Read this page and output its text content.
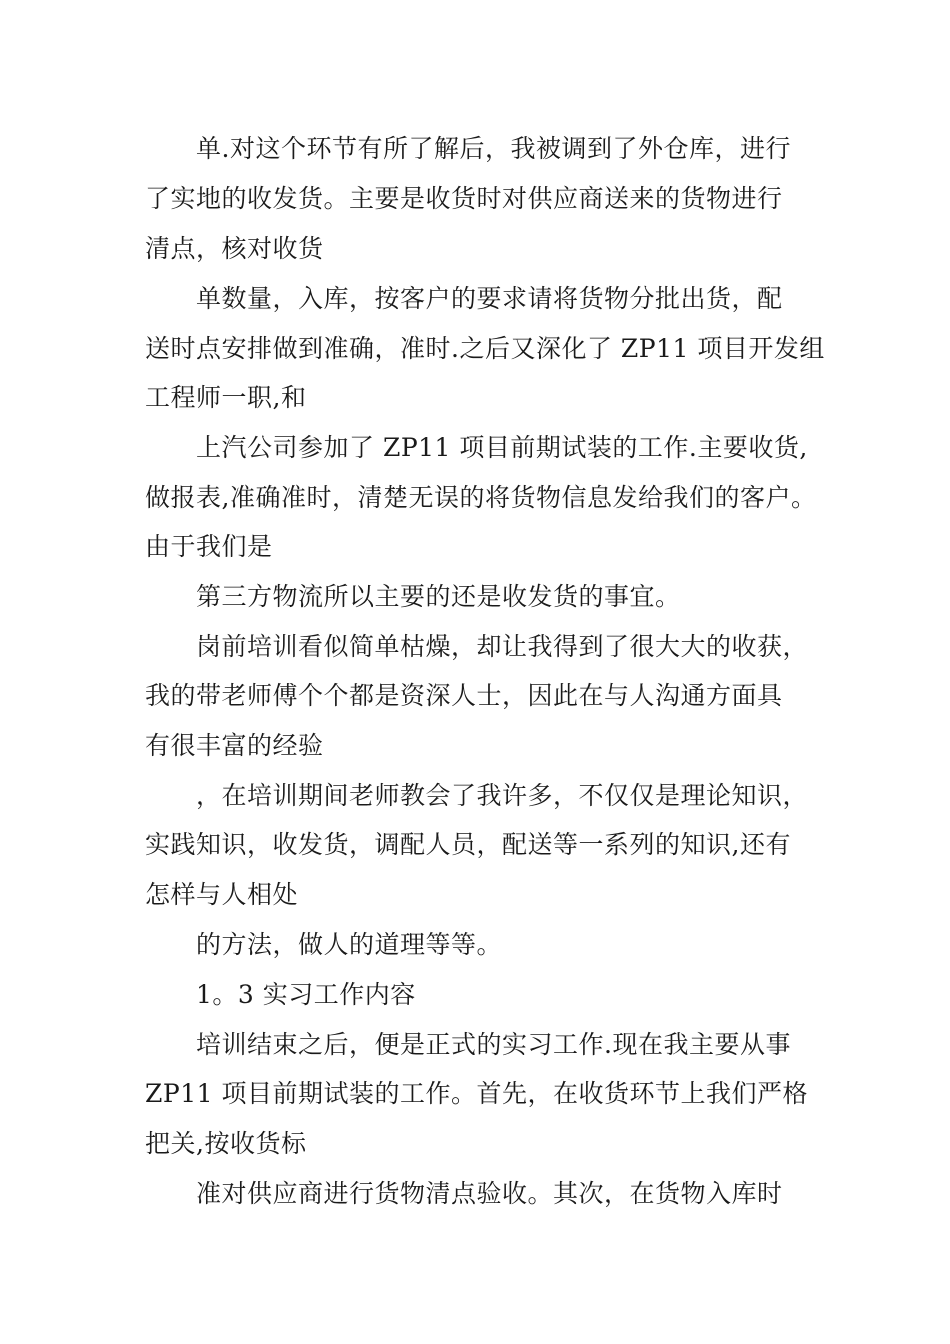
单.对这个环节有所了解后，我被调到了外仓库，进行
了实地的收发货。主要是收货时对供应商送来的货物进行
清点，核对收货
单数量，入库，按客户的要求请将货物分批出货，配
送时点安排做到准确，准时.之后又深化了 ZP11 项目开发组
工程师一职,和
上汽公司参加了 ZP11 项目前期试装的工作.主要收货,
做报表,准确准时，清楚无误的将货物信息发给我们的客户。
由于我们是
第三方物流所以主要的还是收发货的事宜。
岗前培训看似简单枯燥，却让我得到了很大大的收获，
我的带老师傅个个都是资深人士，因此在与人沟通方面具
有很丰富的经验
，在培训期间老师教会了我许多，不仅仅是理论知识，
实践知识，收发货，调配人员，配送等一系列的知识,还有
怎样与人相处
的方法，做人的道理等等。
1。3 实习工作内容
培训结束之后，便是正式的实习工作.现在我主要从事
ZP11 项目前期试装的工作。首先，在收货环节上我们严格
把关,按收货标
准对供应商进行货物清点验收。其次，在货物入库时
